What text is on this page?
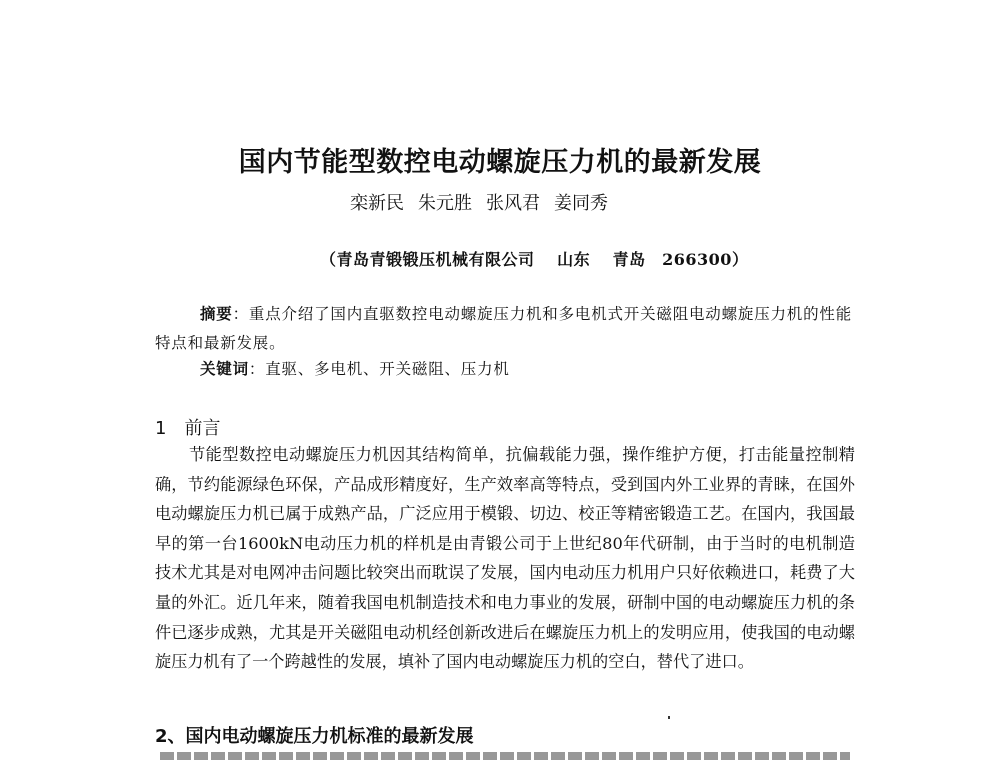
国内节能型数控电动螺旋压力机的最新发展
栾新民 朱元胜 张风君 姜同秀
（青岛青锻锻压机械有限公司　 山东　 青岛　266300）
摘要：重点介绍了国内直驱数控电动螺旋压力机和多电机式开关磁阻电动螺旋压力机的性能特点和最新发展。
关键词：直驱、多电机、开关磁阻、压力机
1 前言
节能型数控电动螺旋压力机因其结构简单，抗偏载能力强，操作维护方便，打击能量控制精确，节约能源绿色环保，产品成形精度好，生产效率高等特点，受到国内外工业界的青睐，在国外电动螺旋压力机已属于成熟产品，广泛应用于模锻、切边、校正等精密锻造工艺。在国内，我国最早的第一台1600kN电动压力机的样机是由青锻公司于上世纪80年代研制，由于当时的电机制造技术尤其是对电网冲击问题比较突出而耽误了发展，国内电动压力机用户只好依赖进口，耗费了大量的外汇。近几年来，随着我国电机制造技术和电力事业的发展，研制中国的电动螺旋压力机的条件已逐步成熟，尤其是开关磁阻电动机经创新改进后在螺旋压力机上的发明应用，使我国的电动螺旋压力机有了一个跨越性的发展，填补了国内电动螺旋压力机的空白，替代了进口。
2、国内电动螺旋压力机标准的最新发展
